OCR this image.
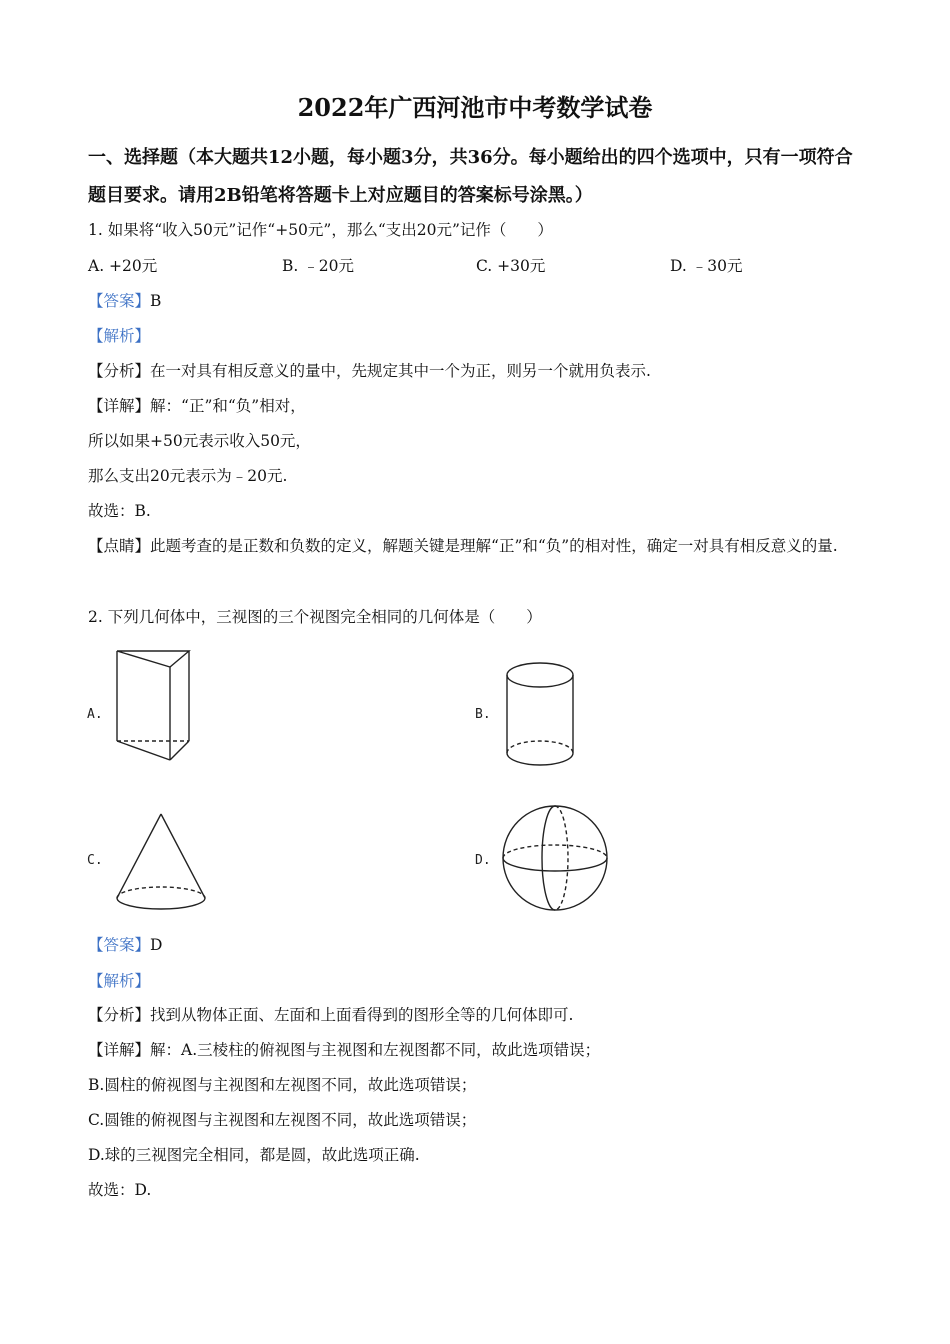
2022年广西河池市中考数学试卷
一、选择题（本大题共12小题，每小题3分，共36分。每小题给出的四个选项中，只有一项符合题目要求。请用2B铅笔将答题卡上对应题目的答案标号涂黑。）
1. 如果将“收入50元”记作“+50元”，那么“支出20元”记作（　　）
A. +20元	B. ﹣20元	C. +30元	D. ﹣30元
【答案】B
【解析】
【分析】在一对具有相反意义的量中，先规定其中一个为正，则另一个就用负表示.
【详解】解：“正”和“负”相对，
所以如果+50元表示收入50元，
那么支出20元表示为﹣20元.
故选：B.
【点睛】此题考查的是正数和负数的定义，解题关键是理解“正”和“负”的相对性，确定一对具有相反意义的量.
2. 下列几何体中，三视图的三个视图完全相同的几何体是（　　）
A.	B.
C.	D.
【答案】D
【解析】
【分析】找到从物体正面、左面和上面看得到的图形全等的几何体即可.
【详解】解：A.三棱柱的俯视图与主视图和左视图都不同，故此选项错误；
B.圆柱的俯视图与主视图和左视图不同，故此选项错误；
C.圆锥的俯视图与主视图和左视图不同，故此选项错误；
D.球的三视图完全相同，都是圆，故此选项正确.
故选：D.
